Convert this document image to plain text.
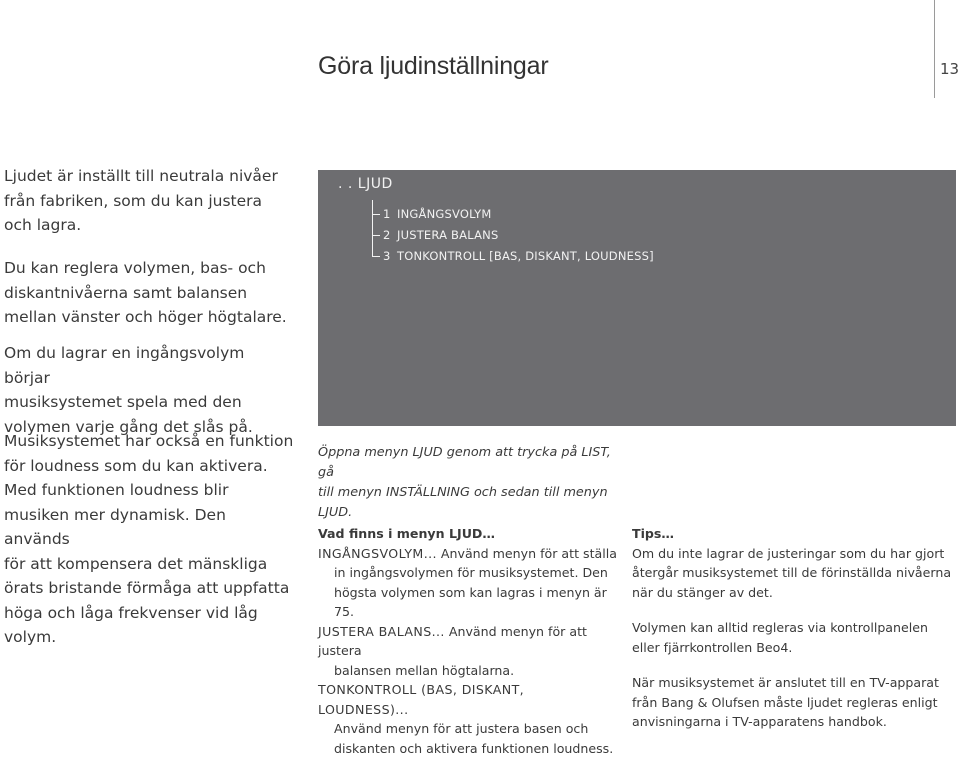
Göra ljudinställningar	13

Ljudet är inställt till neutrala nivåer
från fabriken, som du kan justera
och lagra.

Du kan reglera volymen, bas- och
diskantnivåerna samt balansen
mellan vänster och höger högtalare.

Om du lagrar en ingångsvolym börjar
musiksystemet spela med den
volymen varje gång det slås på.

Musiksystemet har också en funktion
för loudness som du kan aktivera.
Med funktionen loudness blir
musiken mer dynamisk. Den används
för att kompensera det mänskliga
örats bristande förmåga att uppfatta
höga och låga frekvenser vid låg
volym.

. . LJUD
1 INGÅNGSVOLYM
2 JUSTERA BALANS
3 TONKONTROLL [BAS, DISKANT, LOUDNESS]
Öppna menyn LJUD genom att trycka på LIST, gå
till menyn INSTÄLLNING och sedan till menyn
LJUD.
Vad finns i menyn LJUD…
INGÅNGSVOLYM... Använd menyn för att ställa
in ingångsvolymen för musiksystemet. Den
högsta volymen som kan lagras i menyn är 75.
JUSTERA BALANS... Använd menyn för att justera
balansen mellan högtalarna.
TONKONTROLL (BAS, DISKANT, LOUDNESS)...
Använd menyn för att justera basen och
diskanten och aktivera funktionen loudness.
Tips…
Om du inte lagrar de justeringar som du har gjort
återgår musiksystemet till de förinställda nivåerna
när du stänger av det.
Volymen kan alltid regleras via kontrollpanelen
eller fjärrkontrollen Beo4.
När musiksystemet är anslutet till en TV-apparat
från Bang & Olufsen måste ljudet regleras enligt
anvisningarna i TV-apparatens handbok.
